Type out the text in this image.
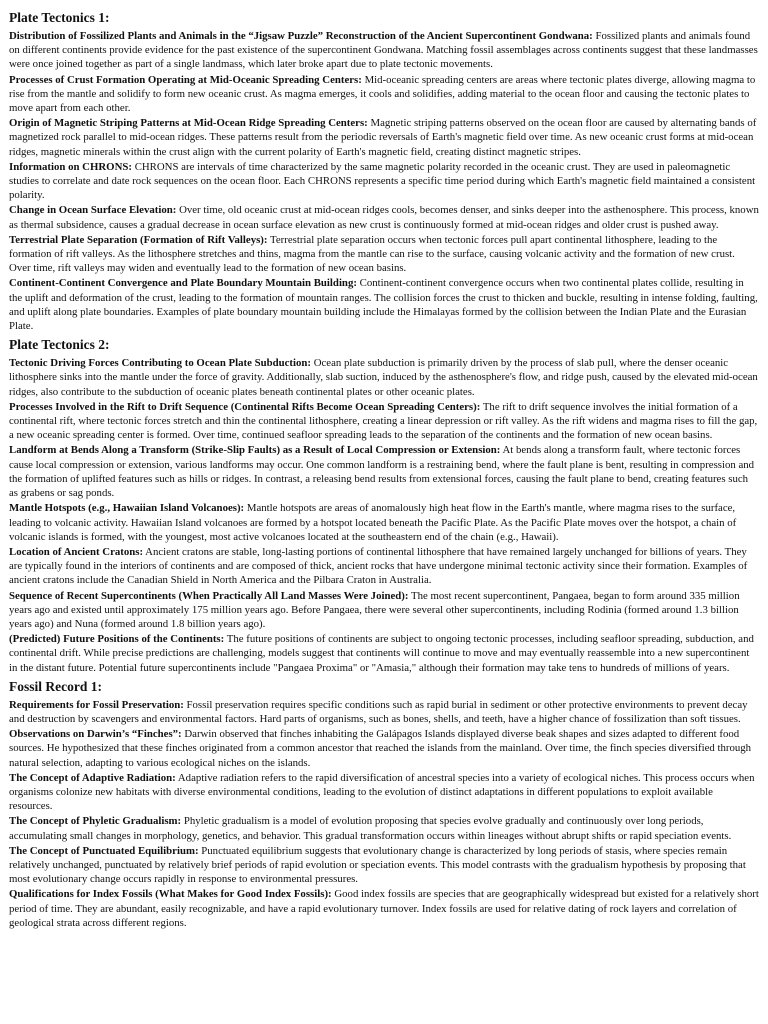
Plate Tectonics 1:

Distribution of Fossilized Plants and Animals in the “Jigsaw Puzzle” Reconstruction of the Ancient Supercontinent Gondwana: Fossilized plants and animals found on different continents provide evidence for the past existence of the supercontinent Gondwana. Matching fossil assemblages across continents suggest that these landmasses were once joined together as part of a single landmass, which later broke apart due to plate tectonic movements.

Processes of Crust Formation Operating at Mid-Oceanic Spreading Centers: Mid-oceanic spreading centers are areas where tectonic plates diverge, allowing magma to rise from the mantle and solidify to form new oceanic crust. As magma emerges, it cools and solidifies, adding material to the ocean floor and causing the tectonic plates to move apart from each other.

Origin of Magnetic Striping Patterns at Mid-Ocean Ridge Spreading Centers: Magnetic striping patterns observed on the ocean floor are caused by alternating bands of magnetized rock parallel to mid-ocean ridges. These patterns result from the periodic reversals of Earth's magnetic field over time. As new oceanic crust forms at mid-ocean ridges, magnetic minerals within the crust align with the current polarity of Earth's magnetic field, creating distinct magnetic stripes.

Information on CHRONS: CHRONS are intervals of time characterized by the same magnetic polarity recorded in the oceanic crust. They are used in paleomagnetic studies to correlate and date rock sequences on the ocean floor. Each CHRONS represents a specific time period during which Earth's magnetic field maintained a consistent polarity.

Change in Ocean Surface Elevation: Over time, old oceanic crust at mid-ocean ridges cools, becomes denser, and sinks deeper into the asthenosphere. This process, known as thermal subsidence, causes a gradual decrease in ocean surface elevation as new crust is continuously formed at mid-ocean ridges and older crust is pushed away.

Terrestrial Plate Separation (Formation of Rift Valleys): Terrestrial plate separation occurs when tectonic forces pull apart continental lithosphere, leading to the formation of rift valleys. As the lithosphere stretches and thins, magma from the mantle can rise to the surface, causing volcanic activity and the formation of new crust. Over time, rift valleys may widen and eventually lead to the formation of new ocean basins.

Continent-Continent Convergence and Plate Boundary Mountain Building: Continent-continent convergence occurs when two continental plates collide, resulting in the uplift and deformation of the crust, leading to the formation of mountain ranges. The collision forces the crust to thicken and buckle, resulting in intense folding, faulting, and uplift along plate boundaries. Examples of plate boundary mountain building include the Himalayas formed by the collision between the Indian Plate and the Eurasian Plate.

Plate Tectonics 2:

Tectonic Driving Forces Contributing to Ocean Plate Subduction: Ocean plate subduction is primarily driven by the process of slab pull, where the denser oceanic lithosphere sinks into the mantle under the force of gravity. Additionally, slab suction, induced by the asthenosphere's flow, and ridge push, caused by the elevated mid-ocean ridges, also contribute to the subduction of oceanic plates beneath continental plates or other oceanic plates.

Processes Involved in the Rift to Drift Sequence (Continental Rifts Become Ocean Spreading Centers): The rift to drift sequence involves the initial formation of a continental rift, where tectonic forces stretch and thin the continental lithosphere, creating a linear depression or rift valley. As the rift widens and magma rises to fill the gap, a new oceanic spreading center is formed. Over time, continued seafloor spreading leads to the separation of the continents and the formation of new ocean basins.

Landform at Bends Along a Transform (Strike-Slip Faults) as a Result of Local Compression or Extension: At bends along a transform fault, where tectonic forces cause local compression or extension, various landforms may occur. One common landform is a restraining bend, where the fault plane is bent, resulting in compression and the formation of uplifted features such as hills or ridges. In contrast, a releasing bend results from extensional forces, causing the fault plane to bend, creating features such as grabens or sag ponds.

Mantle Hotspots (e.g., Hawaiian Island Volcanoes): Mantle hotspots are areas of anomalously high heat flow in the Earth's mantle, where magma rises to the surface, leading to volcanic activity. Hawaiian Island volcanoes are formed by a hotspot located beneath the Pacific Plate. As the Pacific Plate moves over the hotspot, a chain of volcanic islands is formed, with the youngest, most active volcanoes located at the southeastern end of the chain (e.g., Hawaii).

Location of Ancient Cratons: Ancient cratons are stable, long-lasting portions of continental lithosphere that have remained largely unchanged for billions of years. They are typically found in the interiors of continents and are composed of thick, ancient rocks that have undergone minimal tectonic activity since their formation. Examples of ancient cratons include the Canadian Shield in North America and the Pilbara Craton in Australia.

Sequence of Recent Supercontinents (When Practically All Land Masses Were Joined): The most recent supercontinent, Pangaea, began to form around 335 million years ago and existed until approximately 175 million years ago. Before Pangaea, there were several other supercontinents, including Rodinia (formed around 1.3 billion years ago) and Nuna (formed around 1.8 billion years ago).

(Predicted) Future Positions of the Continents: The future positions of continents are subject to ongoing tectonic processes, including seafloor spreading, subduction, and continental drift. While precise predictions are challenging, models suggest that continents will continue to move and may eventually reassemble into a new supercontinent in the distant future. Potential future supercontinents include "Pangaea Proxima" or "Amasia," although their formation may take tens to hundreds of millions of years.

Fossil Record 1:

Requirements for Fossil Preservation: Fossil preservation requires specific conditions such as rapid burial in sediment or other protective environments to prevent decay and destruction by scavengers and environmental factors. Hard parts of organisms, such as bones, shells, and teeth, have a higher chance of fossilization than soft tissues.

Observations on Darwin’s “Finches”: Darwin observed that finches inhabiting the Galápagos Islands displayed diverse beak shapes and sizes adapted to different food sources. He hypothesized that these finches originated from a common ancestor that reached the islands from the mainland. Over time, the finch species diversified through natural selection, adapting to various ecological niches on the islands.

The Concept of Adaptive Radiation: Adaptive radiation refers to the rapid diversification of ancestral species into a variety of ecological niches. This process occurs when organisms colonize new habitats with diverse environmental conditions, leading to the evolution of distinct adaptations in different populations to exploit available resources.

The Concept of Phyletic Gradualism: Phyletic gradualism is a model of evolution proposing that species evolve gradually and continuously over long periods, accumulating small changes in morphology, genetics, and behavior. This gradual transformation occurs within lineages without abrupt shifts or rapid speciation events.

The Concept of Punctuated Equilibrium: Punctuated equilibrium suggests that evolutionary change is characterized by long periods of stasis, where species remain relatively unchanged, punctuated by relatively brief periods of rapid evolution or speciation events. This model contrasts with the gradualism hypothesis by proposing that most evolutionary change occurs rapidly in response to environmental pressures.

Qualifications for Index Fossils (What Makes for Good Index Fossils): Good index fossils are species that are geographically widespread but existed for a relatively short period of time. They are abundant, easily recognizable, and have a rapid evolutionary turnover. Index fossils are used for relative dating of rock layers and correlation of geological strata across different regions.
